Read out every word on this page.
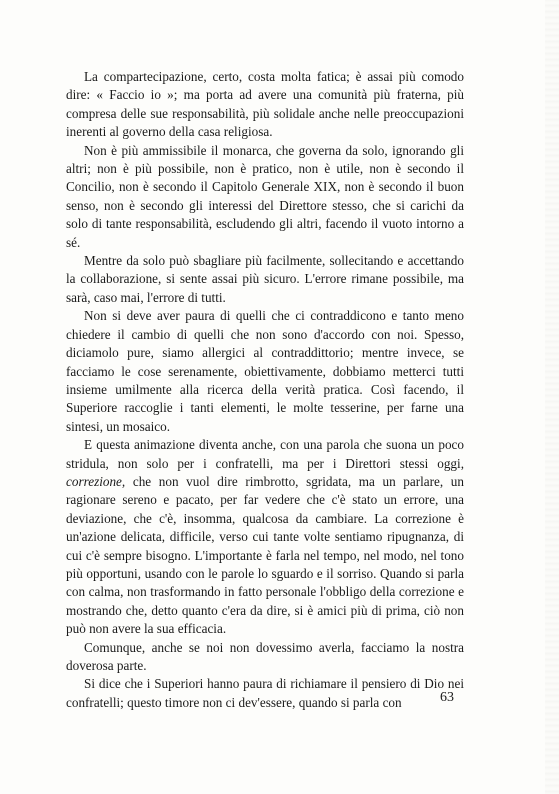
La compartecipazione, certo, costa molta fatica; è assai più comodo dire: « Faccio io »; ma porta ad avere una comunità più fraterna, più compresa delle sue responsabilità, più solidale anche nelle preoccupazioni inerenti al governo della casa religiosa.

Non è più ammissibile il monarca, che governa da solo, ignorando gli altri; non è più possibile, non è pratico, non è utile, non è secondo il Concilio, non è secondo il Capitolo Generale XIX, non è secondo il buon senso, non è secondo gli interessi del Direttore stesso, che si carichi da solo di tante responsabilità, escludendo gli altri, facendo il vuoto intorno a sé.

Mentre da solo può sbagliare più facilmente, sollecitando e accettando la collaborazione, si sente assai più sicuro. L'errore rimane possibile, ma sarà, caso mai, l'errore di tutti.

Non si deve aver paura di quelli che ci contraddicono e tanto meno chiedere il cambio di quelli che non sono d'accordo con noi. Spesso, diciamolo pure, siamo allergici al contraddittorio; mentre invece, se facciamo le cose serenamente, obiettivamente, dobbiamo metterci tutti insieme umilmente alla ricerca della verità pratica. Così facendo, il Superiore raccoglie i tanti elementi, le molte tesserine, per farne una sintesi, un mosaico.

E questa animazione diventa anche, con una parola che suona un poco stridula, non solo per i confratelli, ma per i Direttori stessi oggi, correzione, che non vuol dire rimbrotto, sgridata, ma un parlare, un ragionare sereno e pacato, per far vedere che c'è stato un errore, una deviazione, che c'è, insomma, qualcosa da cambiare. La correzione è un'azione delicata, difficile, verso cui tante volte sentiamo ripugnanza, di cui c'è sempre bisogno. L'importante è farla nel tempo, nel modo, nel tono più opportuni, usando con le parole lo sguardo e il sorriso. Quando si parla con calma, non trasformando in fatto personale l'obbligo della correzione e mostrando che, detto quanto c'era da dire, si è amici più di prima, ciò non può non avere la sua efficacia.

Comunque, anche se noi non dovessimo averla, facciamo la nostra doverosa parte.

Si dice che i Superiori hanno paura di richiamare il pensiero di Dio nei confratelli; questo timore non ci dev'essere, quando si parla con	63
